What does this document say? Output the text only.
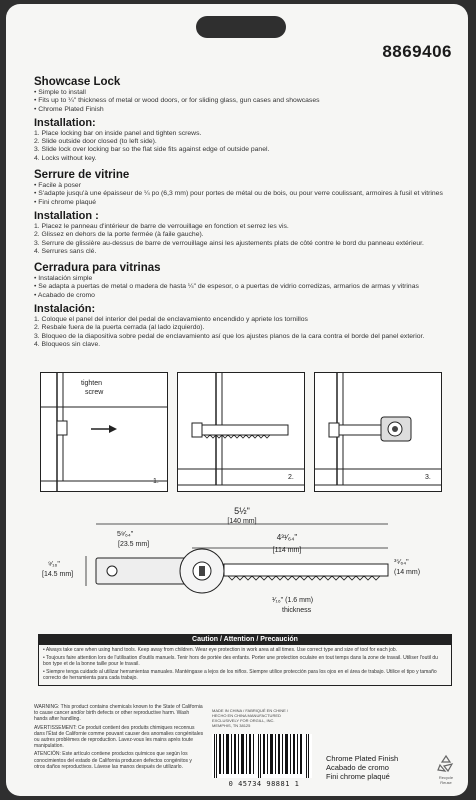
8869406
Showcase Lock
• Simple to install
• Fits up to ¼" thickness of metal or wood doors, or for sliding glass, gun cases and showcases
• Chrome Plated Finish
Installation:
1. Place locking bar on inside panel and tighten screws.
2. Slide outside door closed (to left side).
3. Slide lock over locking bar so the flat side fits against edge of outside panel.
4. Locks without key.
Serrure de vitrine
• Facile à poser
• S'adapte jusqu'à une épaisseur de ¼ po (6,3 mm) pour portes de métal ou de bois, ou pour verre coulissant, armoires à fusil et vitrines
• Fini chrome plaqué
Installation :
1. Placez le panneau d'intérieur de barre de verrouillage en fonction et serrez les vis.
2. Glissez en dehors de la porte fermée (à faile gauche).
3. Serrure de glissière au-dessus de barre de verrouillage ainsi les ajustements plats de côté contre le bord du panneau extérieur.
4. Serrures sans clé.
Cerradura para vitrinas
• Instalación simple
• Se adapta a puertas de metal o madera de hasta ¼" de espesor, o a puertas de vidrio corredizas, armarios de armas y vitrinas
• Acabado de cromo
Instalación:
1. Coloque el panel del interior del pedal de enclavamiento encendido y apriete los tornillos
2. Resbale fuera de la puerta cerrada (al lado izquierdo).
3. Bloqueo de la diapositiva sobre pedal de enclavamiento así que los ajustes planos de la cara contra el borde del panel exterior.
4. Bloqueos sin clave.
tighten
screw
1.
2.	3.
5½"
[140 mm]
4³¹⁄₆₄"
[114 mm]
5⁹⁄₆₄"
[23.5 mm]
⁹⁄₁₆"
[14.5 mm]
³⁵⁄₆₄"
(14 mm)
¹⁄₁₆" (1.6 mm)
thickness
Caution / Attention / Precaución

• Always take care when using hand tools. Keep away from children. Wear eye protection in work area at all times. Use correct type and size of tool for each job.

• Toujours faire attention lors de l'utilisation d'outils manuels. Tenir hors de portée des enfants. Porter une protection oculaire en tout temps dans la zone de travail. Utiliser l'outil du bon type et de la bonne taille pour le travail.

• Siempre tenga cuidado al utilizar herramientas manuales. Manténgase a lejos de los niños. Siempre utilice protección para los ojos en el área de trabajo. Utilice el tipo y tamaño correcto de herramienta para cada trabajo.

WARNING: This product contains chemicals known to the State of California to cause cancer and/or birth defects or other reproductive harm. Wash hands after handling.

AVERTISSEMENT: Ce produit contient des produits chimiques reconnus dans l'État de Californie comme pouvant causer des anomalies congénitales ou autres problèmes de reproduction. Lavez-vous les mains après toute manipulation.

ATENCIÓN: Este artículo contiene productos químicos que según los conocimientos del estado de California producen defectos congénitos y otros daños reproductivos. Lávese las manos después de utilizarlo.

MADE IN CHINA / FABRIQUÉ EN CHINE / HECHO EN CHINA MANUFACTURED EXCLUSIVELY FOR ORGILL, INC. MEMPHIS, TN 38125
0 45734 98881 1
Chrome Plated Finish
Acabado de cromo
Fini chrome plaqué	Recycle Reuse
